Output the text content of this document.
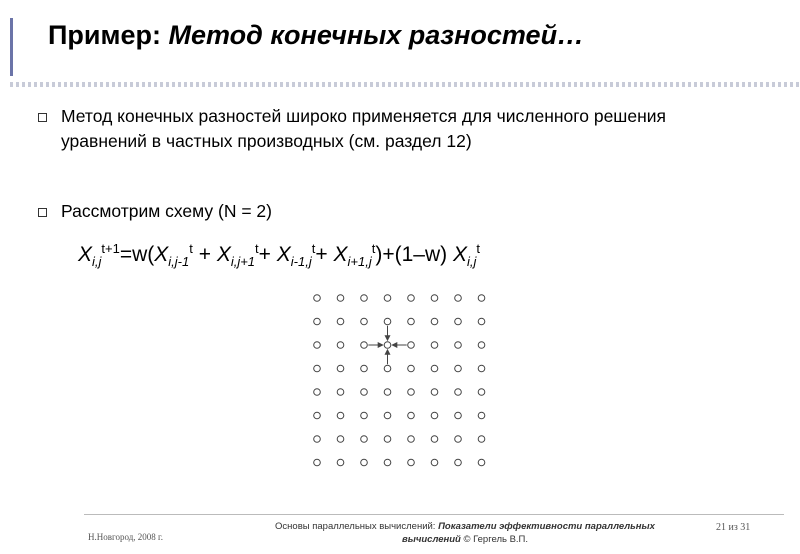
Пример: Метод конечных разностей…
Метод конечных разностей широко применяется для численного решения уравнений в частных производных (см. раздел 12)
Рассмотрим схему (N = 2)
$X_{i,j}^{t+1}=w(X_{i,j-1}^t + X_{i,j+1}^t+ X_{i-1,j}^t+ X_{i+1,j}^t)+(1-w)$ $X_{i,j}^t$
Н.Новгород, 2008 г.
Основы параллельных вычислений: Показатели эффективности параллельных вычислений © Гергель В.П.
21 из 31
